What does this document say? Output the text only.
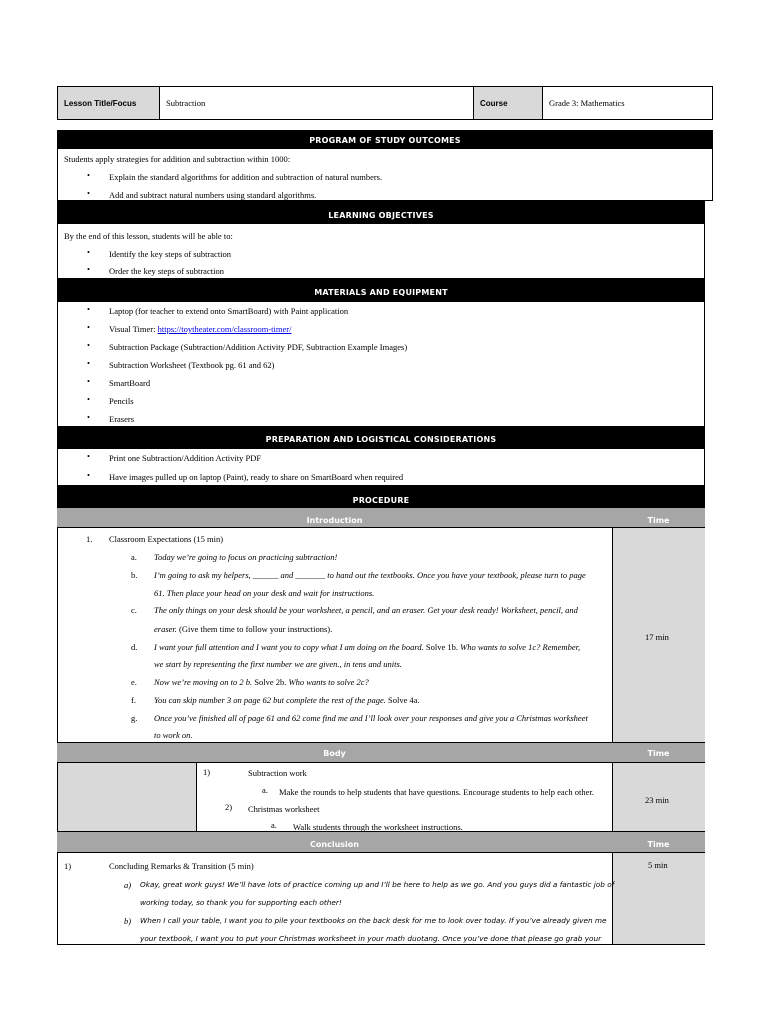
Lesson Title/Focus	Subtraction	Course	Grade 3: Mathematics
PROGRAM OF STUDY OUTCOMES
Students apply strategies for addition and subtraction within 1000:
• Explain the standard algorithms for addition and subtraction of natural numbers.
• Add and subtract natural numbers using standard algorithms.
LEARNING OBJECTIVES
By the end of this lesson, students will be able to:
• Identify the key steps of subtraction
• Order the key steps of subtraction
MATERIALS AND EQUIPMENT
• Laptop (for teacher to extend onto SmartBoard) with Paint application
• Visual Timer: https://toytheater.com/classroom-timer/
• Subtraction Package (Subtraction/Addition Activity PDF, Subtraction Example Images)
• Subtraction Worksheet (Textbook pg. 61 and 62)
• SmartBoard
• Pencils
• Erasers
PREPARATION AND LOGISTICAL CONSIDERATIONS
• Print one Subtraction/Addition Activity PDF
• Have images pulled up on laptop (Paint), ready to share on SmartBoard when required
PROCEDURE
Introduction	Time
17 min
1. Classroom Expectations (15 min)
a. Today we’re going to focus on practicing subtraction!
b. I’m going to ask my helpers, ______ and _______ to hand out the textbooks. Once you have your textbook, please turn to page
61. Then place your head on your desk and wait for instructions.
c. The only things on your desk should be your worksheet, a pencil, and an eraser. Get your desk ready! Worksheet, pencil, and
eraser. (Give them time to follow your instructions).
d. I want your full attention and I want you to copy what I am doing on the board. Solve 1b. Who wants to solve 1c? Remember,
we start by representing the first number we are given., in tens and units.
e. Now we’re moving on to 2 b. Solve 2b. Who wants to solve 2c?
f. You can skip number 3 on page 62 but complete the rest of the page. Solve 4a.
g. Once you’ve finished all of page 61 and 62 come find me and I’ll look over your responses and give you a Christmas worksheet
to work on.
Body	Time
23 min
1)	Subtraction work
a. Make the rounds to help students that have questions. Encourage students to help each other.
2) Christmas worksheet
a. Walk students through the worksheet instructions.
Conclusion	Time
5 min
1)	Concluding Remarks & Transition (5 min)
a) Okay, great work guys! We’ll have lots of practice coming up and I’ll be here to help as we go. And you guys did a fantastic job of
working today, so thank you for supporting each other!
b) When I call your table, I want you to pile your textbooks on the back desk for me to look over today. If you’ve already given me
your textbook, I want you to put your Christmas worksheet in your math duotang. Once you’ve done that please go grab your
